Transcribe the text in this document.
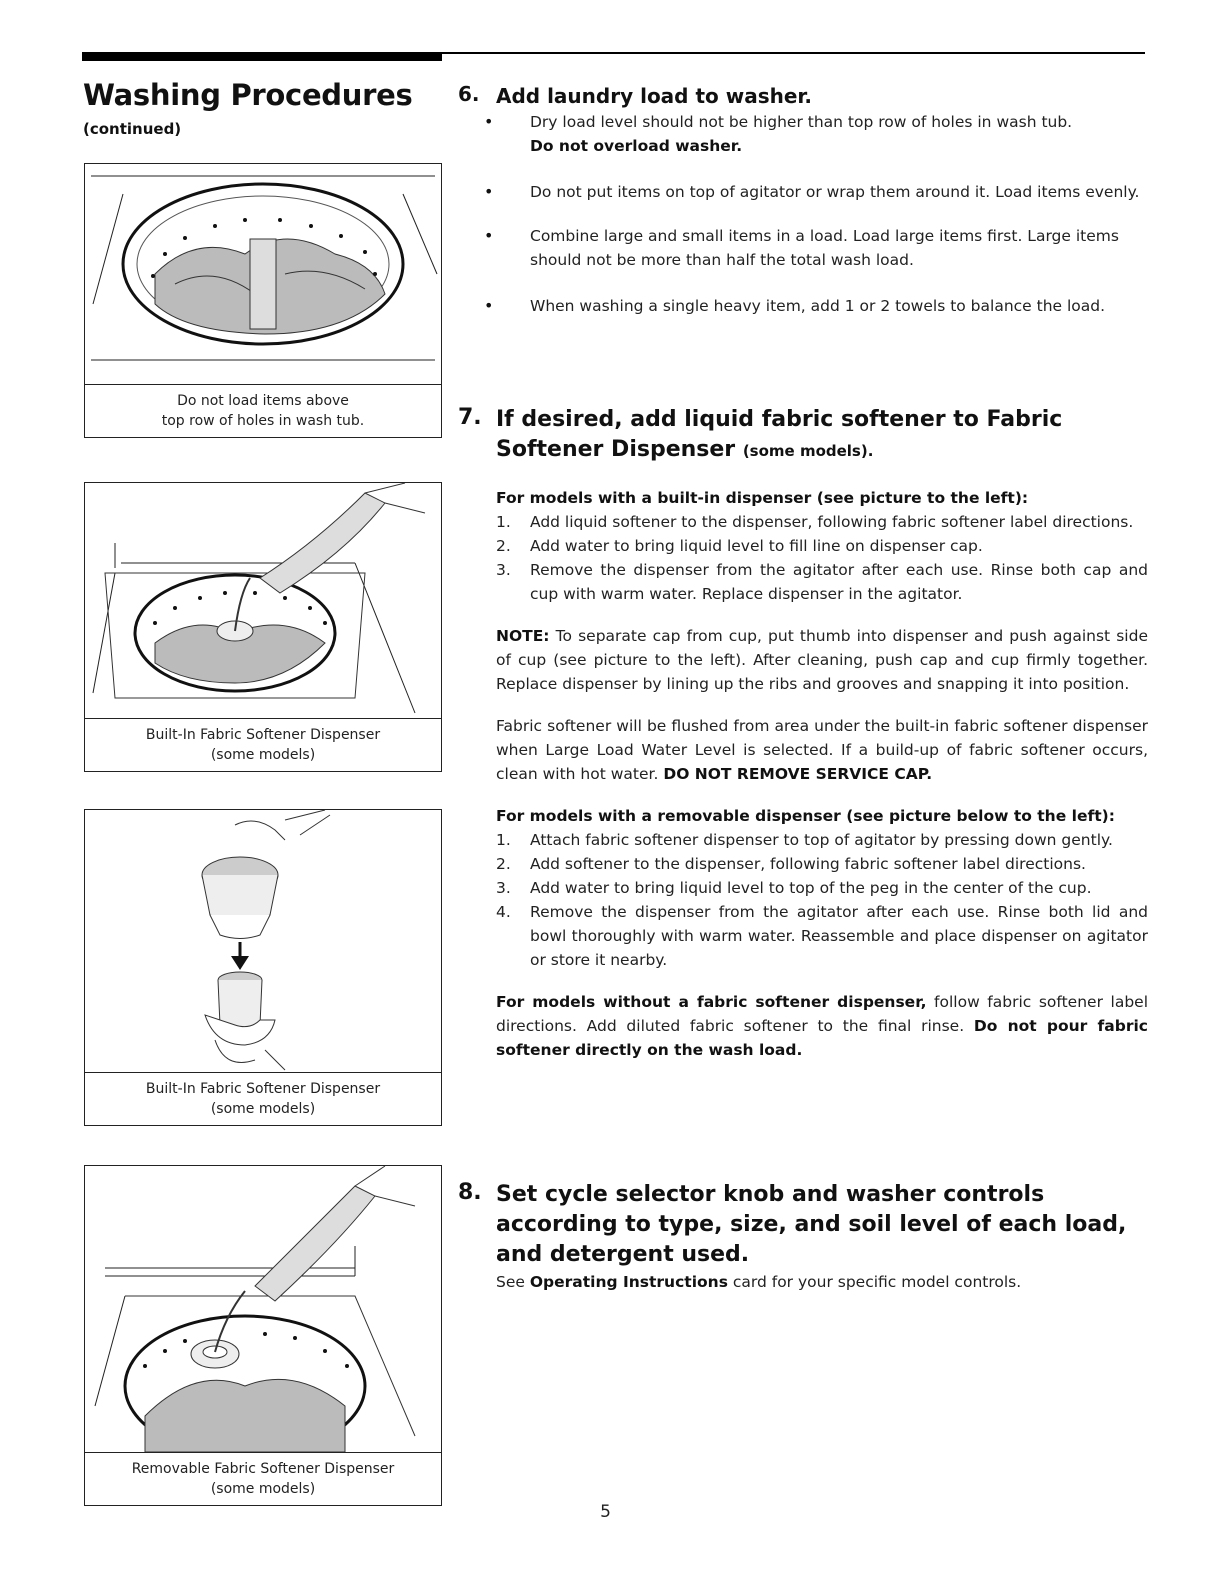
Washing Procedures
(continued)
Do not load items above
top row of holes in wash tub.
Built-In Fabric Softener Dispenser
(some models)
Built-In Fabric Softener Dispenser
(some models)
Removable Fabric Softener Dispenser
(some models)
6. Add laundry load to washer.
• Dry load level should not be higher than top row of holes in wash tub.
Do not overload washer.
• Do not put items on top of agitator or wrap them around it. Load items evenly.
• Combine large and small items in a load. Load large items first. Large items should not be more than half the total wash load.
• When washing a single heavy item, add 1 or 2 towels to balance the load.
7. If desired, add liquid fabric softener to Fabric Softener Dispenser (some models).
For models with a built-in dispenser (see picture to the left):
1. Add liquid softener to the dispenser, following fabric softener label directions.
2. Add water to bring liquid level to fill line on dispenser cap.
3. Remove the dispenser from the agitator after each use. Rinse both cap and cup with warm water. Replace dispenser in the agitator.
NOTE: To separate cap from cup, put thumb into dispenser and push against side of cup (see picture to the left). After cleaning, push cap and cup firmly together. Replace dispenser by lining up the ribs and grooves and snapping it into position.
Fabric softener will be flushed from area under the built-in fabric softener dispenser when Large Load Water Level is selected. If a build-up of fabric softener occurs, clean with hot water. DO NOT REMOVE SERVICE CAP.
For models with a removable dispenser (see picture below to the left):
1. Attach fabric softener dispenser to top of agitator by pressing down gently.
2. Add softener to the dispenser, following fabric softener label directions.
3. Add water to bring liquid level to top of the peg in the center of the cup.
4. Remove the dispenser from the agitator after each use. Rinse both lid and bowl thoroughly with warm water. Reassemble and place dispenser on agitator or store it nearby.
For models without a fabric softener dispenser, follow fabric softener label directions. Add diluted fabric softener to the final rinse. Do not pour fabric softener directly on the wash load.
8. Set cycle selector knob and washer controls according to type, size, and soil level of each load, and detergent used.
See Operating Instructions card for your specific model controls.
5
